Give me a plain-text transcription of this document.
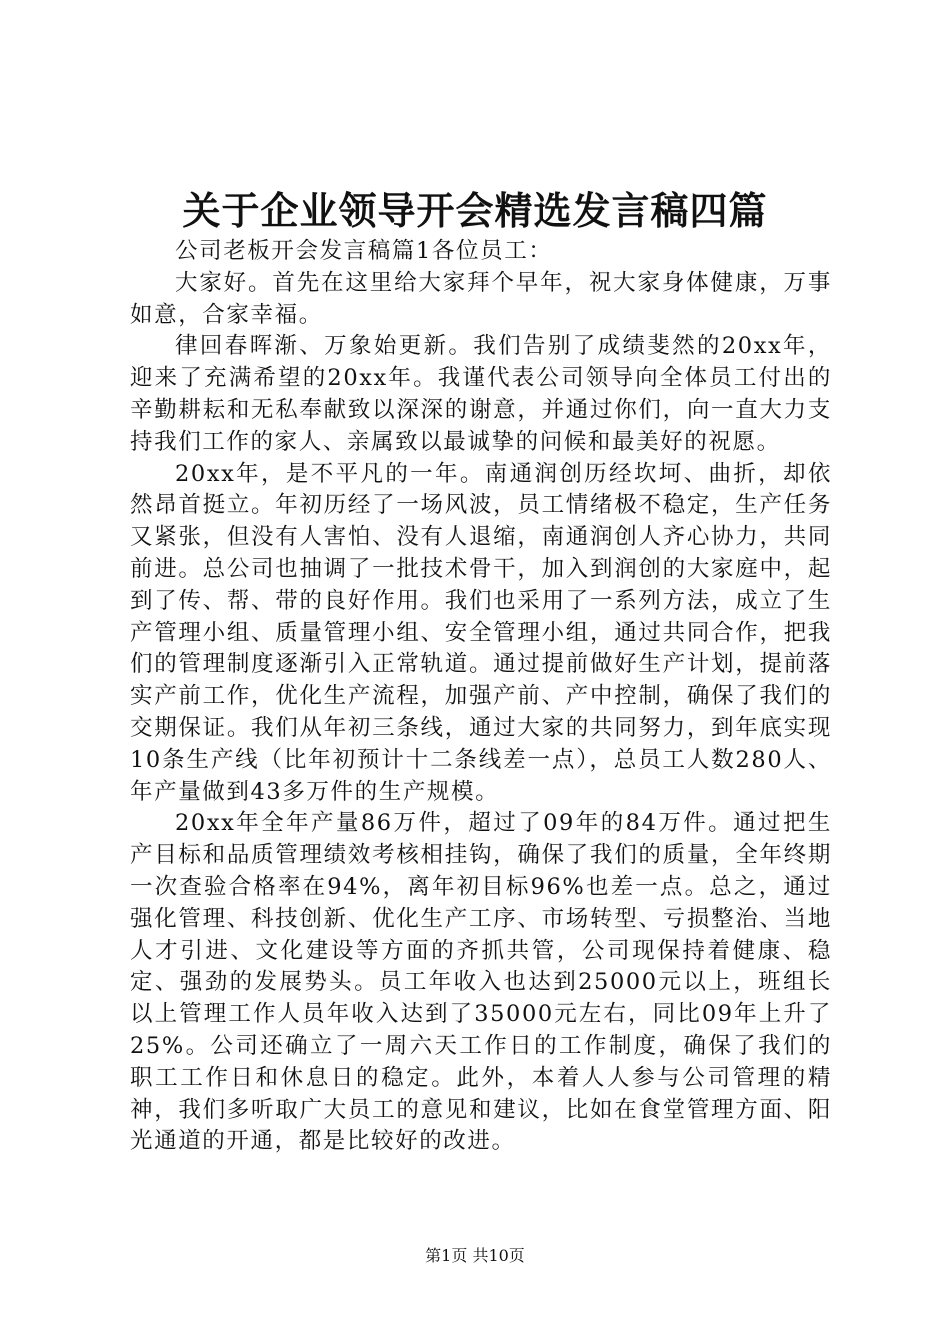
关于企业领导开会精选发言稿四篇

公司老板开会发言稿篇1各位员工：

大家好。首先在这里给大家拜个早年，祝大家身体健康，万事如意，合家幸福。

律回春晖渐、万象始更新。我们告别了成绩斐然的20xx年，迎来了充满希望的20xx年。我谨代表公司领导向全体员工付出的辛勤耕耘和无私奉献致以深深的谢意，并通过你们，向一直大力支持我们工作的家人、亲属致以最诚挚的问候和最美好的祝愿。

20xx年，是不平凡的一年。南通润创历经坎坷、曲折，却依然昂首挺立。年初历经了一场风波，员工情绪极不稳定，生产任务又紧张，但没有人害怕、没有人退缩，南通润创人齐心协力，共同前进。总公司也抽调了一批技术骨干，加入到润创的大家庭中，起到了传、帮、带的良好作用。我们也采用了一系列方法，成立了生产管理小组、质量管理小组、安全管理小组，通过共同合作，把我们的管理制度逐渐引入正常轨道。通过提前做好生产计划，提前落实产前工作，优化生产流程，加强产前、产中控制，确保了我们的交期保证。我们从年初三条线，通过大家的共同努力，到年底实现10条生产线（比年初预计十二条线差一点），总员工人数280人、年产量做到43多万件的生产规模。

20xx年全年产量86万件，超过了09年的84万件。通过把生产目标和品质管理绩效考核相挂钩，确保了我们的质量，全年终期一次查验合格率在94%，离年初目标96%也差一点。总之，通过强化管理、科技创新、优化生产工序、市场转型、亏损整治、当地人才引进、文化建设等方面的齐抓共管，公司现保持着健康、稳定、强劲的发展势头。员工年收入也达到25000元以上，班组长以上管理工作人员年收入达到了35000元左右，同比09年上升了25%。公司还确立了一周六天工作日的工作制度，确保了我们的职工工作日和休息日的稳定。此外，本着人人参与公司管理的精神，我们多听取广大员工的意见和建议，比如在食堂管理方面、阳光通道的开通，都是比较好的改进。

第1页 共10页
